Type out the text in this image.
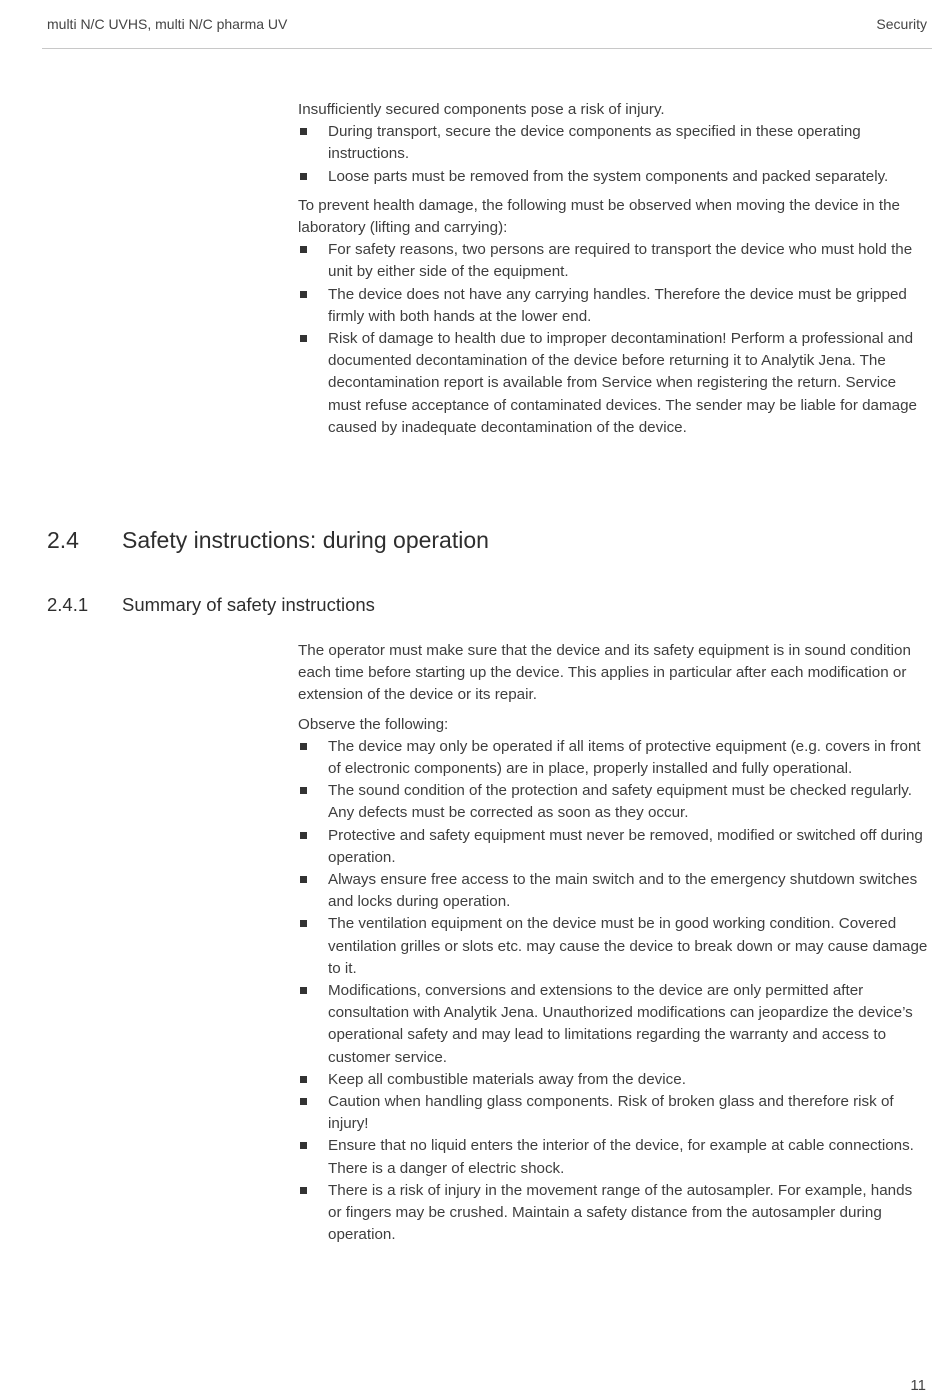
multi N/C UVHS, multi N/C pharma UV	Security

Insufficiently secured components pose a risk of injury.

During transport, secure the device components as specified in these operating instructions.
Loose parts must be removed from the system components and packed separately.

To prevent health damage, the following must be observed when moving the device in the laboratory (lifting and carrying):

For safety reasons, two persons are required to transport the device who must hold the unit by either side of the equipment.
The device does not have any carrying handles. Therefore the device must be gripped firmly with both hands at the lower end.
Risk of damage to health due to improper decontamination! Perform a professional and documented decontamination of the device before returning it to Analytik Jena. The decontamination report is available from Service when registering the return. Service must refuse acceptance of contaminated devices. The sender may be liable for damage caused by inadequate decontamination of the device.
2.4 Safety instructions: during operation
2.4.1 Summary of safety instructions

The operator must make sure that the device and its safety equipment is in sound condition each time before starting up the device. This applies in particular after each modification or extension of the device or its repair.

Observe the following:

The device may only be operated if all items of protective equipment (e.g. covers in front of electronic components) are in place, properly installed and fully operational.
The sound condition of the protection and safety equipment must be checked regularly. Any defects must be corrected as soon as they occur.
Protective and safety equipment must never be removed, modified or switched off during operation.
Always ensure free access to the main switch and to the emergency shutdown switches and locks during operation.
The ventilation equipment on the device must be in good working condition. Covered ventilation grilles or slots etc. may cause the device to break down or may cause damage to it.
Modifications, conversions and extensions to the device are only permitted after consultation with Analytik Jena. Unauthorized modifications can jeopardize the device’s operational safety and may lead to limitations regarding the warranty and access to customer service.
Keep all combustible materials away from the device.
Caution when handling glass components. Risk of broken glass and therefore risk of injury!
Ensure that no liquid enters the interior of the device, for example at cable connections. There is a danger of electric shock.
There is a risk of injury in the movement range of the autosampler. For example, hands or fingers may be crushed. Maintain a safety distance from the autosampler during operation.
11
